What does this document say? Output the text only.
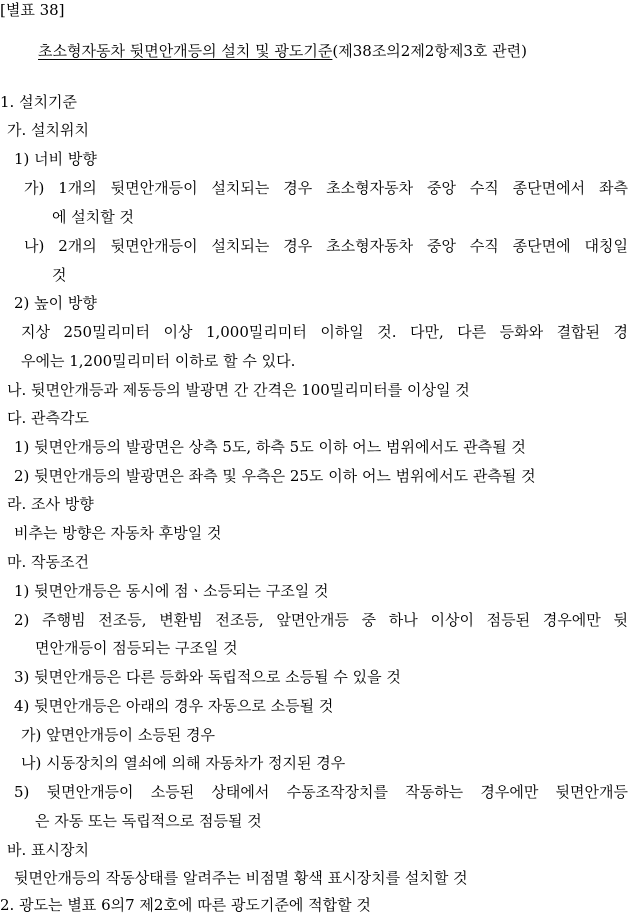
[별표 38]
초소형자동차 뒷면안개등의 설치 및 광도기준(제38조의2제2항제3호 관련)
1. 설치기준
가. 설치위치
1) 너비 방향
가) 1개의 뒷면안개등이 설치되는 경우 초소형자동차 중앙 수직 종단면에서 좌측
에 설치할 것
나) 2개의 뒷면안개등이 설치되는 경우 초소형자동차 중앙 수직 종단면에 대칭일
것
2) 높이 방향
지상 250밀리미터 이상 1,000밀리미터 이하일 것. 다만, 다른 등화와 결합된 경
우에는 1,200밀리미터 이하로 할 수 있다.
나. 뒷면안개등과 제동등의 발광면 간 간격은 100밀리미터를 이상일 것
다. 관측각도
1) 뒷면안개등의 발광면은 상측 5도, 하측 5도 이하 어느 범위에서도 관측될 것
2) 뒷면안개등의 발광면은 좌측 및 우측은 25도 이하 어느 범위에서도 관측될 것
라. 조사 방향
비추는 방향은 자동차 후방일 것
마. 작동조건
1) 뒷면안개등은 동시에 점ㆍ소등되는 구조일 것
2) 주행빔 전조등, 변환빔 전조등, 앞면안개등 중 하나 이상이 점등된 경우에만 뒷
면안개등이 점등되는 구조일 것
3) 뒷면안개등은 다른 등화와 독립적으로 소등될 수 있을 것
4) 뒷면안개등은 아래의 경우 자동으로 소등될 것
가) 앞면안개등이 소등된 경우
나) 시동장치의 열쇠에 의해 자동차가 정지된 경우
5) 뒷면안개등이 소등된 상태에서 수동조작장치를 작동하는 경우에만 뒷면안개등
은 자동 또는 독립적으로 점등될 것
바. 표시장치
뒷면안개등의 작동상태를 알려주는 비점멸 황색 표시장치를 설치할 것
2. 광도는 별표 6의7 제2호에 따른 광도기준에 적합할 것
